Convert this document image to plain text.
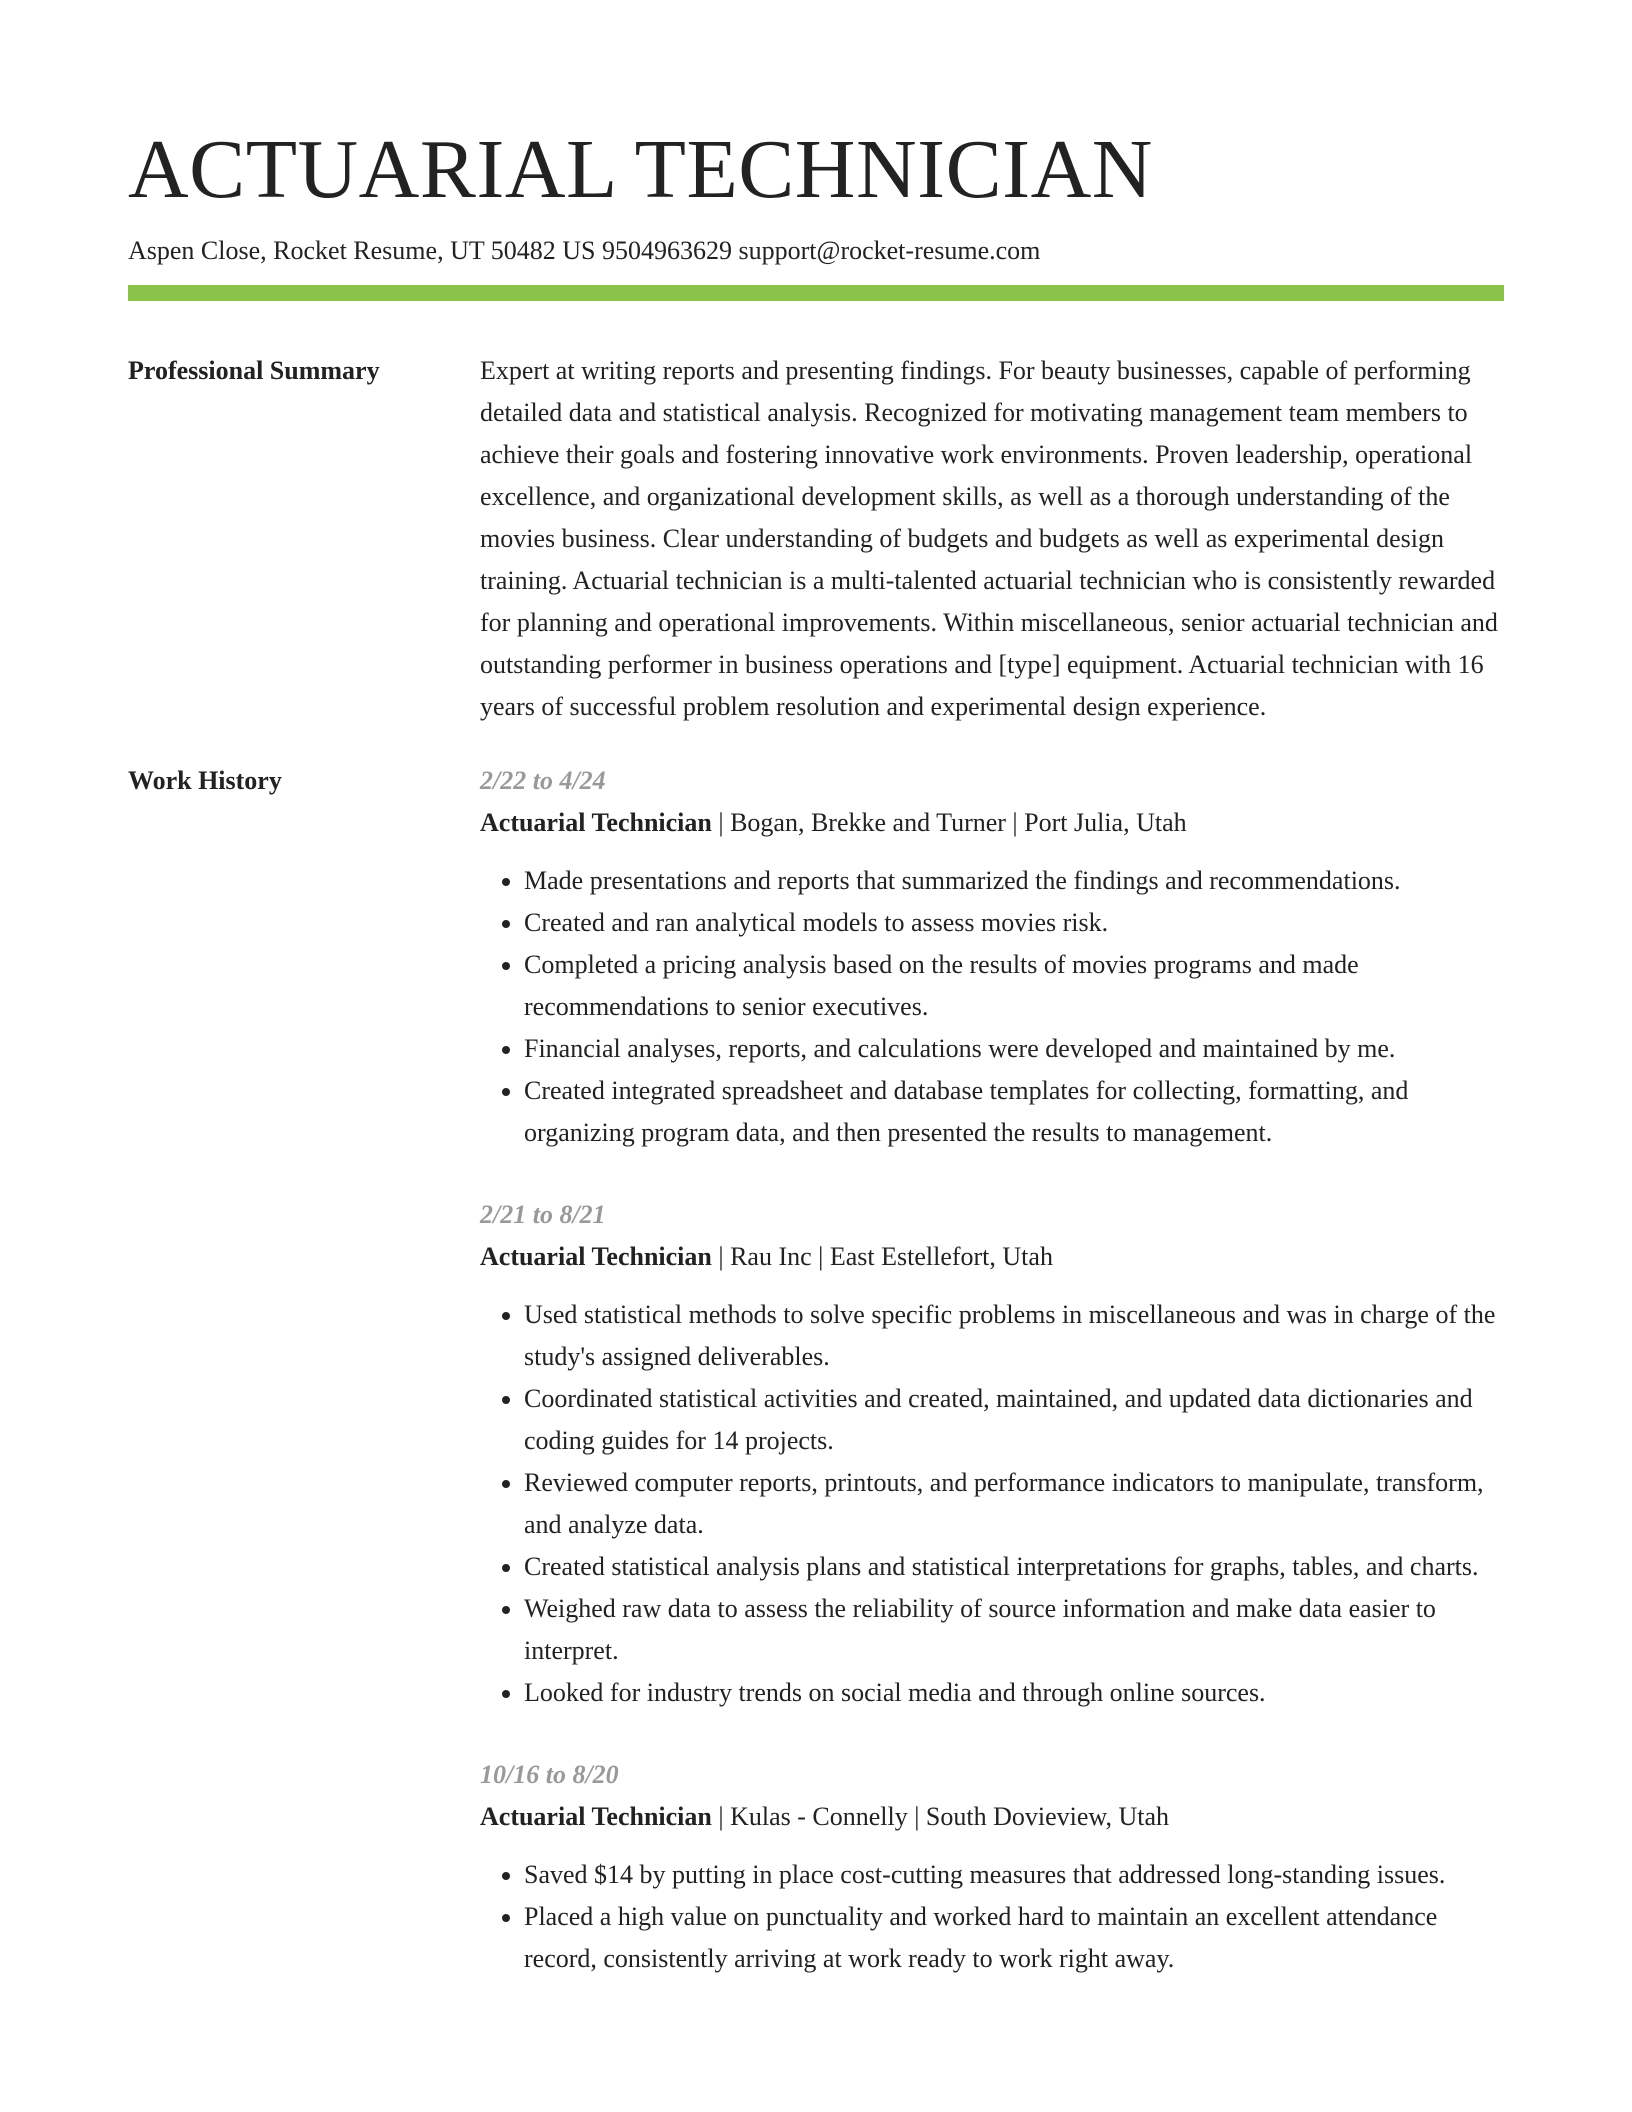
ACTUARIAL TECHNICIAN
Aspen Close, Rocket Resume, UT 50482 US 9504963629 support@rocket-resume.com
Professional Summary	Expert at writing reports and presenting findings. For beauty businesses, capable of performing detailed data and statistical analysis. Recognized for motivating management team members to achieve their goals and fostering innovative work environments. Proven leadership, operational excellence, and organizational development skills, as well as a thorough understanding of the movies business. Clear understanding of budgets and budgets as well as experimental design training. Actuarial technician is a multi-talented actuarial technician who is consistently rewarded for planning and operational improvements. Within miscellaneous, senior actuarial technician and outstanding performer in business operations and [type] equipment. Actuarial technician with 16 years of successful problem resolution and experimental design experience.

Work History	2/22 to 4/24
Actuarial Technician | Bogan, Brekke and Turner | Port Julia, Utah
• Made presentations and reports that summarized the findings and recommendations.
• Created and ran analytical models to assess movies risk.
• Completed a pricing analysis based on the results of movies programs and made recommendations to senior executives.
• Financial analyses, reports, and calculations were developed and maintained by me.
• Created integrated spreadsheet and database templates for collecting, formatting, and organizing program data, and then presented the results to management.
2/21 to 8/21
Actuarial Technician | Rau Inc | East Estellefort, Utah
• Used statistical methods to solve specific problems in miscellaneous and was in charge of the study's assigned deliverables.
• Coordinated statistical activities and created, maintained, and updated data dictionaries and coding guides for 14 projects.
• Reviewed computer reports, printouts, and performance indicators to manipulate, transform, and analyze data.
• Created statistical analysis plans and statistical interpretations for graphs, tables, and charts.
• Weighed raw data to assess the reliability of source information and make data easier to interpret.
• Looked for industry trends on social media and through online sources.
10/16 to 8/20
Actuarial Technician | Kulas - Connelly | South Dovieview, Utah
• Saved $14 by putting in place cost-cutting measures that addressed long-standing issues.
• Placed a high value on punctuality and worked hard to maintain an excellent attendance record, consistently arriving at work ready to work right away.
